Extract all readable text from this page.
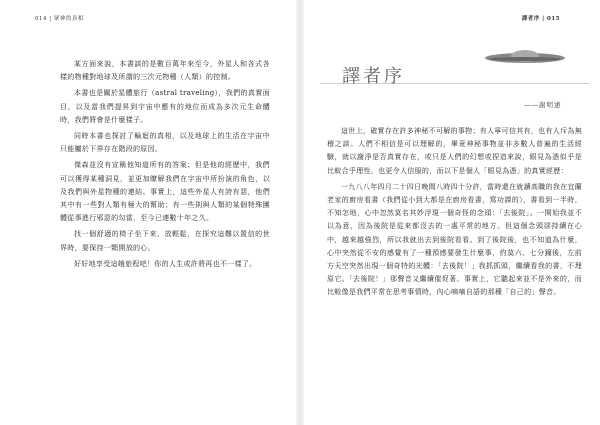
014 | 眾神的真相

某方面來說，本書談的是數百萬年來至今，外星人和各式各樣的物種對地球及所謂的三次元物種（人類）的控制。

本書也是關於星體旅行（astral traveling），我們的真實面目，以及當我們提昇到宇宙中應有的地位而成為多次元生命體時，我們將會是什麼樣子。

同時本書也探討了輪迴的真相，以及地球上的生活在宇宙中只能屬於下界存在階段的原因。

傑森並沒有宣稱他知道所有的答案；但是他的經歷中，我們可以獲得某種洞見，並更加瞭解我們在宇宙中所扮演的角色，以及我們與外星物種的連結。事實上，這些外星人有誇有惡，他們其中有一些對人類有極大的幫助；有一些則與人類的某個特殊團體從事進行邪惡的勾當，至今已連數十年之久。

找一個舒適的椅子坐下來，放輕鬆，在探究這難以置信的世界時，要保持一顆開放的心。

好好地享受這趟旅程吧！你的人生或許將再也不一樣了。

譯者序 | 015
譯者序
——謝明憲

這世上，確實存在許多神秘不可解的事物；有人寧可信其有，也有人斥為無稽之談。人們不相信是可以理解的，畢竟神秘事物並非多數人普遍的生活經驗，就以謝淨是否真實存在，或只是人們的幻想或捏造來說，眼見為憑似乎是比較合乎理性，也更令人信服的，而以下是個人「眼見為憑」的真實經歷：

一九八八年四月二十四日晚間八時四十分許，當時還在就讀高職的我在宜蘭老家的廚房看書（我們從小到大都是在廚房看書，寫功課的），書看到一半時，不知怎地，心中忽然莫名其妙浮現一個奇怪的念頭：「去後院」。一開始我並不以為意，因為後院是從來都沒去的一處平常的地方。但這個念頭卻持續在心中，越來越強烈，所以我就出去到後院看看。到了後院後，也不知道為什麼，心中突然從不安的感覺有了一種預感要發生什麼事，約莫六、七分鐘後，左前方天空突然出現一個奇特的光體：「去後院！」我抓抓頭，繼續看我的書，不理原它。「去後院！」那聲音又繼續催促著。事實上，它聽起來並不是外來的，而比較像是我們平常在思考事情時，內心嘀嘀自語的那種「自己的」聲音。
